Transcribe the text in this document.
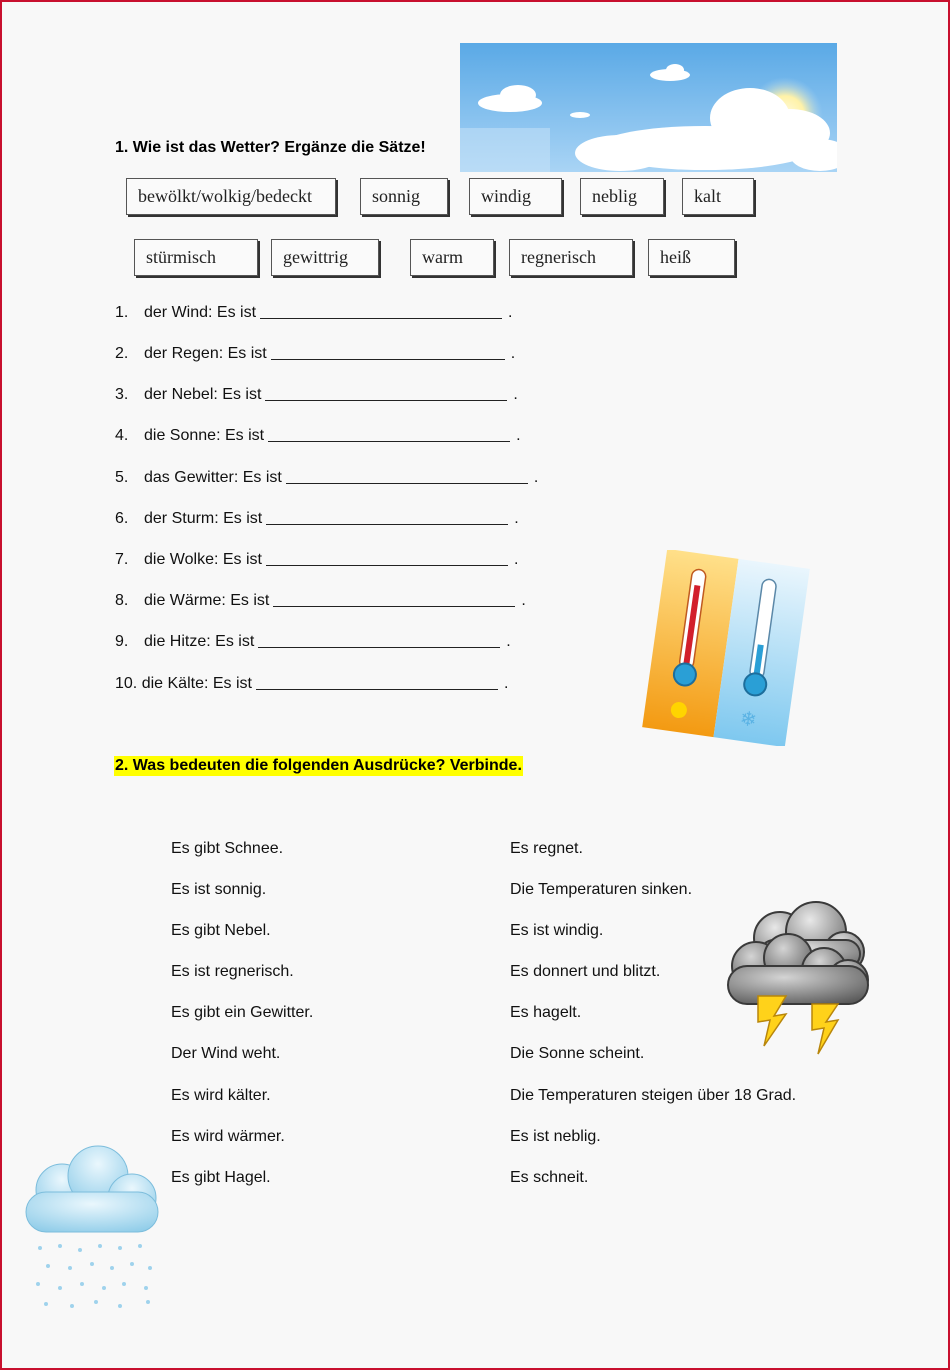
1. Wie ist das Wetter? Ergänze die Sätze!
bewölkt/wolkig/bedeckt	sonnig	windig	neblig	kalt
stürmisch	gewittrig	warm	regnerisch	heiß
1. der Wind: Es ist	.
2. der Regen: Es ist	.
3. der Nebel: Es ist	.
4. die Sonne: Es ist	.
5. das Gewitter: Es ist	.
6. der Sturm: Es ist	.
7. die Wolke: Es ist	.
8. die Wärme: Es ist	.
9. die Hitze: Es ist	.
10. die Kälte: Es ist	.
❄
2. Was bedeuten die folgenden Ausdrücke? Verbinde.
Es gibt Schnee.
Es ist sonnig.
Es gibt Nebel.
Es ist regnerisch.
Es gibt ein Gewitter.
Der Wind weht.
Es wird kälter.
Es wird wärmer.
Es gibt Hagel.
Es regnet.
Die Temperaturen sinken.
Es ist windig.
Es donnert und blitzt.
Es hagelt.
Die Sonne scheint.
Die Temperaturen steigen über 18 Grad.
Es ist neblig.
Es schneit.
